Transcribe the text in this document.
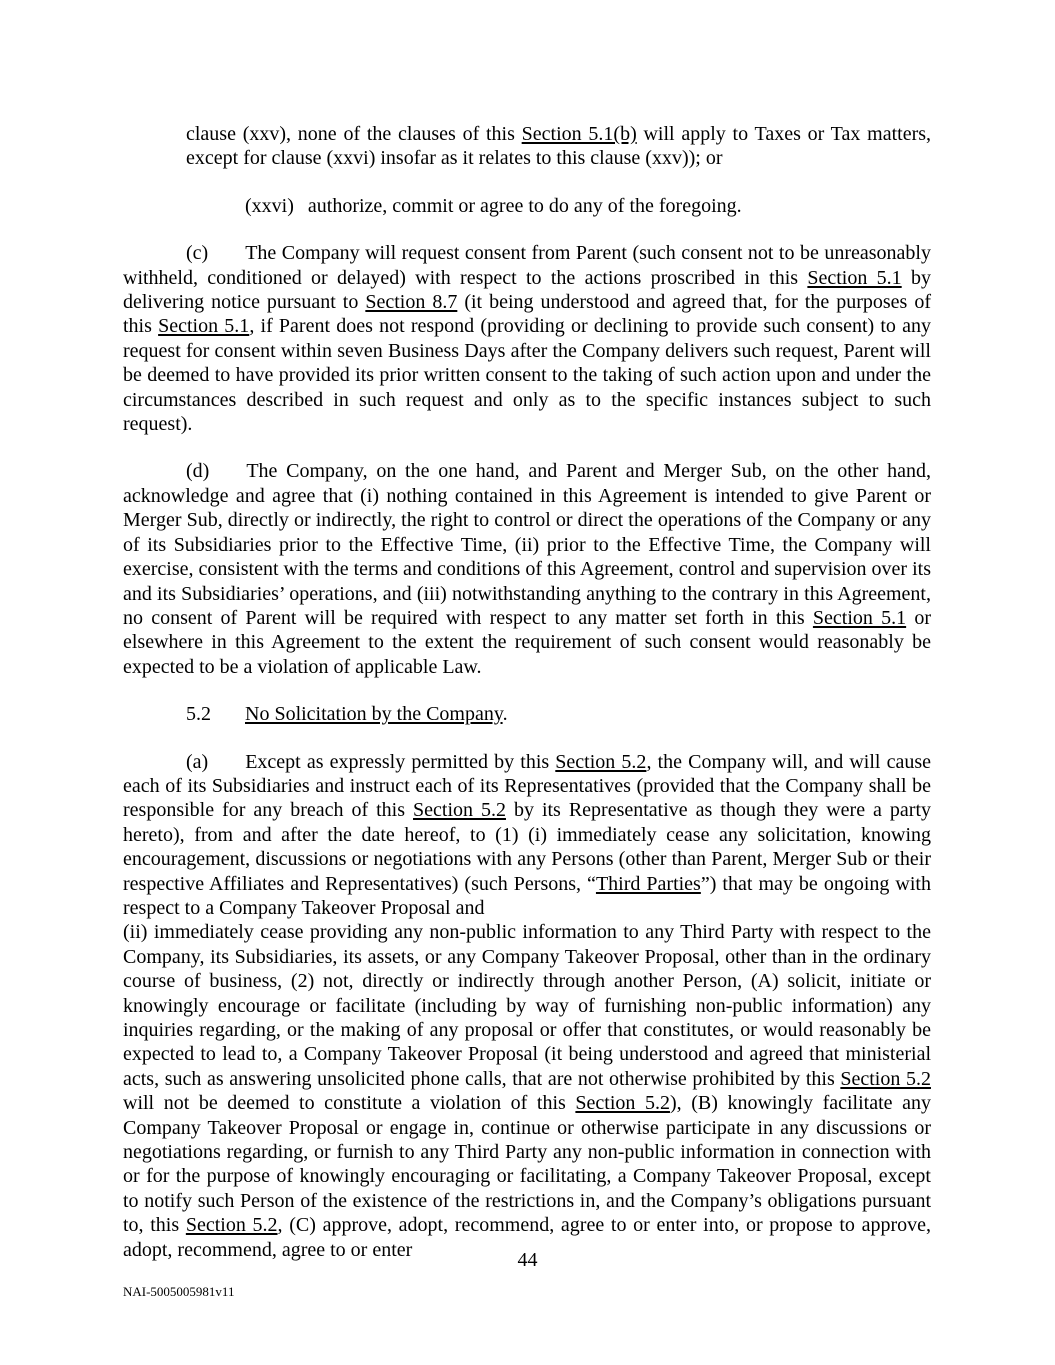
clause (xxv), none of the clauses of this Section 5.1(b) will apply to Taxes or Tax matters, except for clause (xxvi) insofar as it relates to this clause (xxv)); or

(xxvi) authorize, commit or agree to do any of the foregoing.

(c) The Company will request consent from Parent (such consent not to be unreasonably withheld, conditioned or delayed) with respect to the actions proscribed in this Section 5.1 by delivering notice pursuant to Section 8.7 (it being understood and agreed that, for the purposes of this Section 5.1, if Parent does not respond (providing or declining to provide such consent) to any request for consent within seven Business Days after the Company delivers such request, Parent will be deemed to have provided its prior written consent to the taking of such action upon and under the circumstances described in such request and only as to the specific instances subject to such request).

(d) The Company, on the one hand, and Parent and Merger Sub, on the other hand, acknowledge and agree that (i) nothing contained in this Agreement is intended to give Parent or Merger Sub, directly or indirectly, the right to control or direct the operations of the Company or any of its Subsidiaries prior to the Effective Time, (ii) prior to the Effective Time, the Company will exercise, consistent with the terms and conditions of this Agreement, control and supervision over its and its Subsidiaries’ operations, and (iii) notwithstanding anything to the contrary in this Agreement, no consent of Parent will be required with respect to any matter set forth in this Section 5.1 or elsewhere in this Agreement to the extent the requirement of such consent would reasonably be expected to be a violation of applicable Law.

5.2 No Solicitation by the Company.

(a) Except as expressly permitted by this Section 5.2, the Company will, and will cause each of its Subsidiaries and instruct each of its Representatives (provided that the Company shall be responsible for any breach of this Section 5.2 by its Representative as though they were a party hereto), from and after the date hereof, to (1) (i) immediately cease any solicitation, knowing encouragement, discussions or negotiations with any Persons (other than Parent, Merger Sub or their respective Affiliates and Representatives) (such Persons, “Third Parties”) that may be ongoing with respect to a Company Takeover Proposal and
(ii) immediately cease providing any non-public information to any Third Party with respect to the Company, its Subsidiaries, its assets, or any Company Takeover Proposal, other than in the ordinary course of business, (2) not, directly or indirectly through another Person, (A) solicit, initiate or knowingly encourage or facilitate (including by way of furnishing non-public information) any inquiries regarding, or the making of any proposal or offer that constitutes, or would reasonably be expected to lead to, a Company Takeover Proposal (it being understood and agreed that ministerial acts, such as answering unsolicited phone calls, that are not otherwise prohibited by this Section 5.2 will not be deemed to constitute a violation of this Section 5.2), (B) knowingly facilitate any Company Takeover Proposal or engage in, continue or otherwise participate in any discussions or negotiations regarding, or furnish to any Third Party any non-public information in connection with or for the purpose of knowingly encouraging or facilitating, a Company Takeover Proposal, except to notify such Person of the existence of the restrictions in, and the Company’s obligations pursuant to, this Section 5.2, (C) approve, adopt, recommend, agree to or enter into, or propose to approve, adopt, recommend, agree to or enter	44
NAI-5005005981v11
